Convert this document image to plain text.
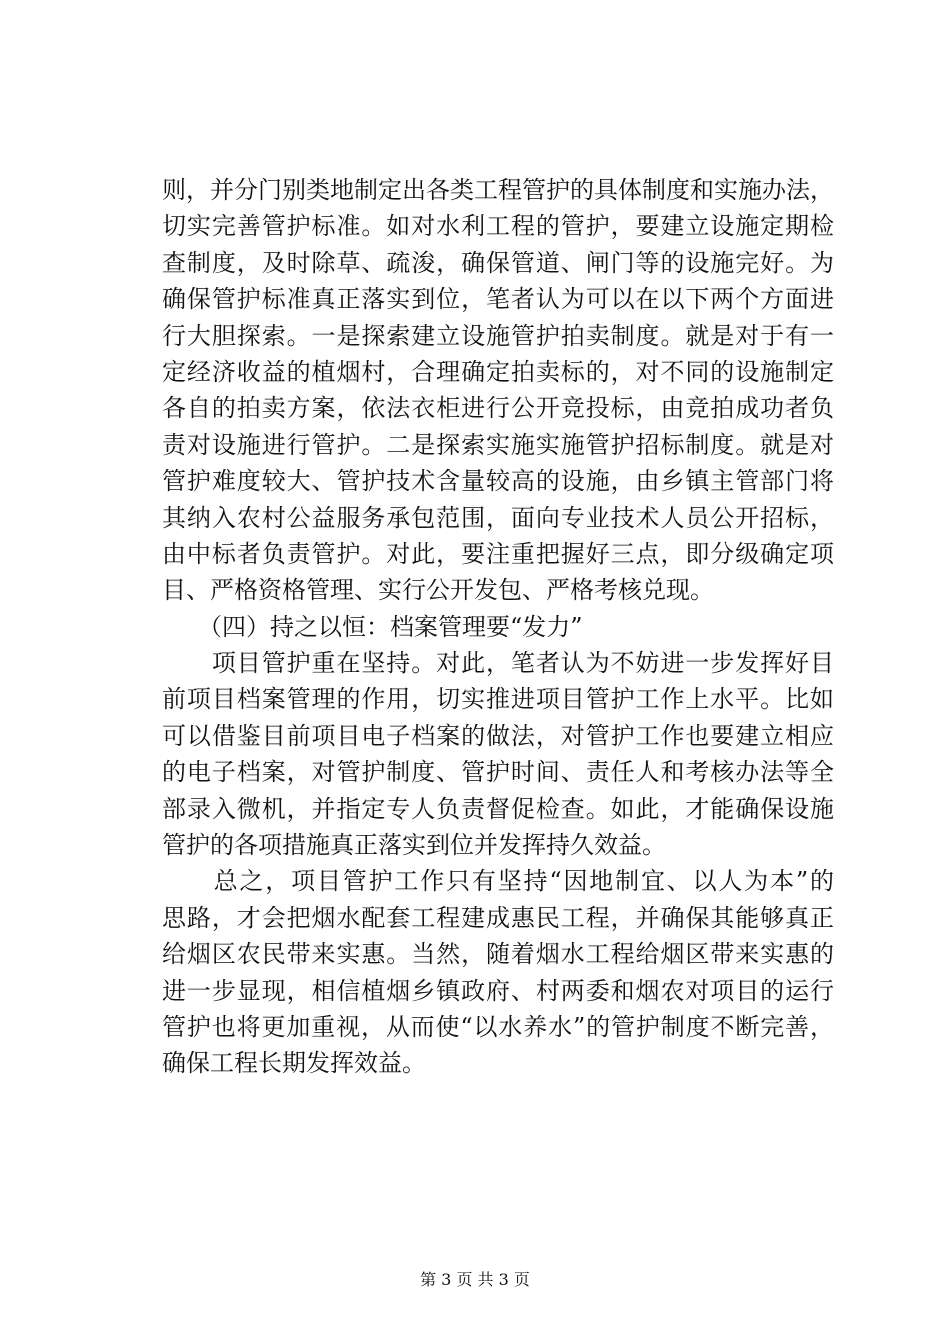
则，并分门别类地制定出各类工程管护的具体制度和实施办法，
切实完善管护标准。如对水利工程的管护，要建立设施定期检
查制度，及时除草、疏浚，确保管道、闸门等的设施完好。为
确保管护标准真正落实到位，笔者认为可以在以下两个方面进
行大胆探索。一是探索建立设施管护拍卖制度。就是对于有一
定经济收益的植烟村，合理确定拍卖标的，对不同的设施制定
各自的拍卖方案，依法衣柜进行公开竞投标，由竞拍成功者负
责对设施进行管护。二是探索实施实施管护招标制度。就是对
管护难度较大、管护技术含量较高的设施，由乡镇主管部门将
其纳入农村公益服务承包范围，面向专业技术人员公开招标，
由中标者负责管护。对此，要注重把握好三点，即分级确定项
目、严格资格管理、实行公开发包、严格考核兑现。
　　（四）持之以恒：档案管理要“发力”
　　项目管护重在坚持。对此，笔者认为不妨进一步发挥好目
前项目档案管理的作用，切实推进项目管护工作上水平。比如
可以借鉴目前项目电子档案的做法，对管护工作也要建立相应
的电子档案，对管护制度、管护时间、责任人和考核办法等全
部录入微机，并指定专人负责督促检查。如此，才能确保设施
管护的各项措施真正落实到位并发挥持久效益。
　　总之，项目管护工作只有坚持“因地制宜、以人为本”的
思路，才会把烟水配套工程建成惠民工程，并确保其能够真正
给烟区农民带来实惠。当然，随着烟水工程给烟区带来实惠的
进一步显现，相信植烟乡镇政府、村两委和烟农对项目的运行
管护也将更加重视，从而使“以水养水”的管护制度不断完善，
确保工程长期发挥效益。
第 3 页 共 3 页
